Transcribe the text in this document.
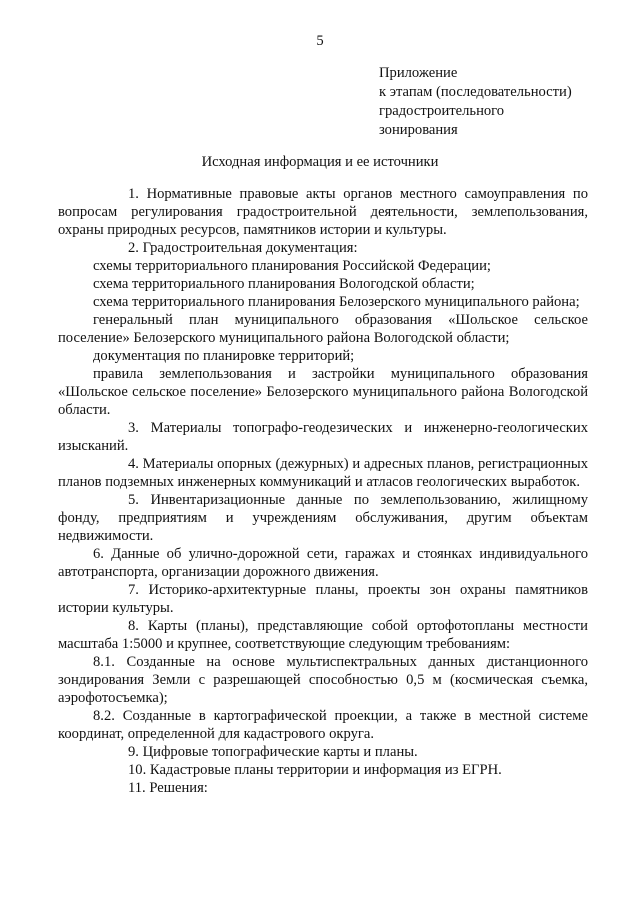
5
Приложение
к этапам (последовательности)
градостроительного
зонирования
Исходная информация и ее источники

1. Нормативные правовые акты органов местного самоуправления по вопросам регулирования градостроительной деятельности, землепользования, охраны природных ресурсов, памятников истории и культуры.

2. Градостроительная документация:

схемы территориального планирования Российской Федерации;

схема территориального планирования Вологодской области;

схема территориального планирования Белозерского муниципального района;

генеральный план муниципального образования «Шольское сельское поселение» Белозерского муниципального района Вологодской области;

документация по планировке территорий;

правила землепользования и застройки муниципального образования «Шольское сельское поселение» Белозерского муниципального района Вологодской области.

3. Материалы топографо-геодезических и инженерно-геологических изысканий.

4. Материалы опорных (дежурных) и адресных планов, регистрационных планов подземных инженерных коммуникаций и атласов геологических выработок.

5. Инвентаризационные данные по землепользованию, жилищному фонду, предприятиям и учреждениям обслуживания, другим объектам недвижимости.

6. Данные об улично-дорожной сети, гаражах и стоянках индивидуального автотранспорта, организации дорожного движения.

7. Историко-архитектурные планы, проекты зон охраны памятников истории культуры.

8. Карты (планы), представляющие собой ортофотопланы местности масштаба 1:5000 и крупнее, соответствующие следующим требованиям:

8.1. Созданные на основе мультиспектральных данных дистанционного зондирования Земли с разрешающей способностью 0,5 м (космическая съемка, аэрофотосъемка);

8.2. Созданные в картографической проекции, а также в местной системе координат, определенной для кадастрового округа.

9. Цифровые топографические карты и планы.

10. Кадастровые планы территории и информация из ЕГРН.

11. Решения:
